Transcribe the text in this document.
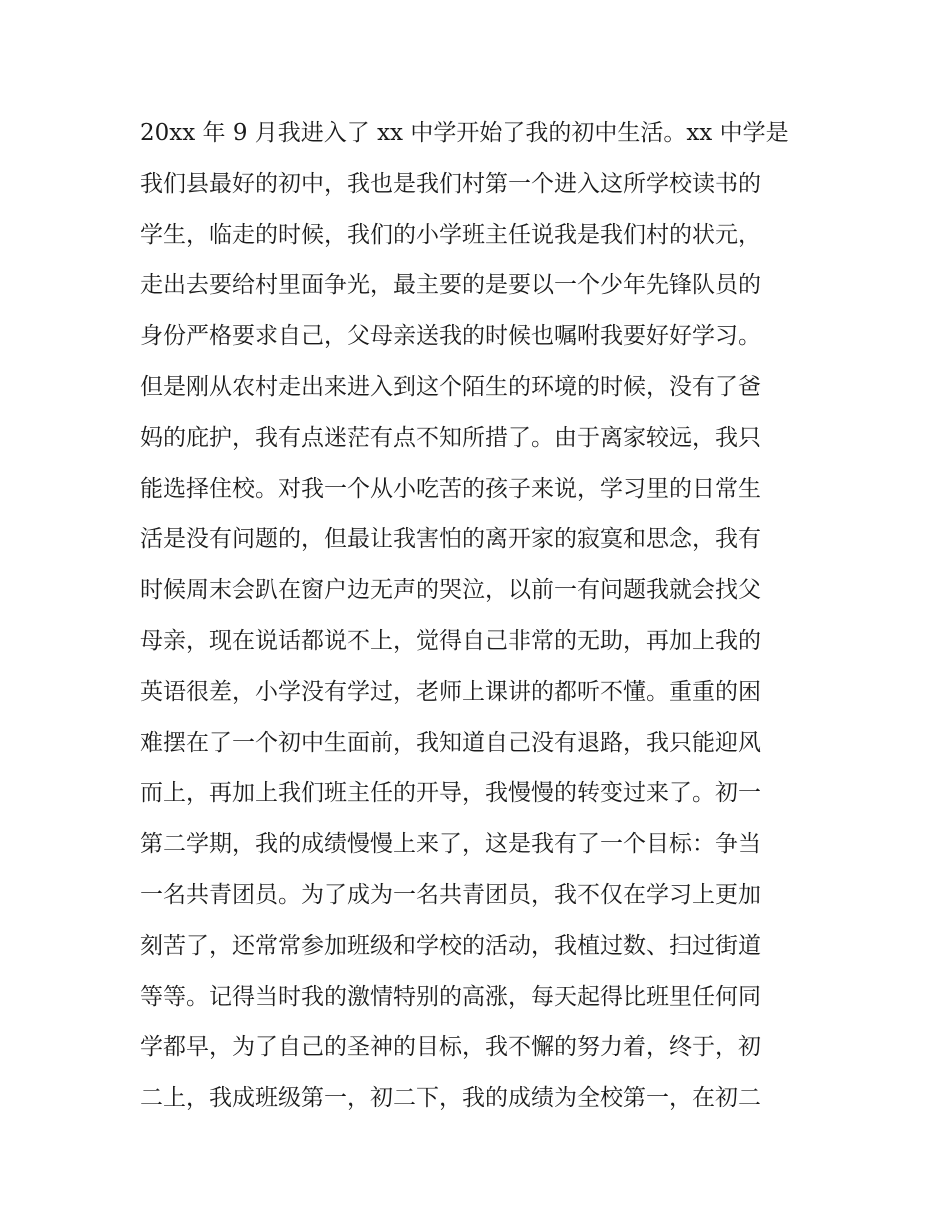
20xx 年 9 月我进入了 xx 中学开始了我的初中生活。xx 中学是
我们县最好的初中，我也是我们村第一个进入这所学校读书的
学生，临走的时候，我们的小学班主任说我是我们村的状元，
走出去要给村里面争光，最主要的是要以一个少年先锋队员的
身份严格要求自己，父母亲送我的时候也嘱咐我要好好学习。
但是刚从农村走出来进入到这个陌生的环境的时候，没有了爸
妈的庇护，我有点迷茫有点不知所措了。由于离家较远，我只
能选择住校。对我一个从小吃苦的孩子来说，学习里的日常生
活是没有问题的，但最让我害怕的离开家的寂寞和思念，我有
时候周末会趴在窗户边无声的哭泣，以前一有问题我就会找父
母亲，现在说话都说不上，觉得自己非常的无助，再加上我的
英语很差，小学没有学过，老师上课讲的都听不懂。重重的困
难摆在了一个初中生面前，我知道自己没有退路，我只能迎风
而上，再加上我们班主任的开导，我慢慢的转变过来了。初一
第二学期，我的成绩慢慢上来了，这是我有了一个目标：争当
一名共青团员。为了成为一名共青团员，我不仅在学习上更加
刻苦了，还常常参加班级和学校的活动，我植过数、扫过街道
等等。记得当时我的激情特别的高涨，每天起得比班里任何同
学都早，为了自己的圣神的目标，我不懈的努力着，终于，初
二上，我成班级第一，初二下，我的成绩为全校第一，在初二
